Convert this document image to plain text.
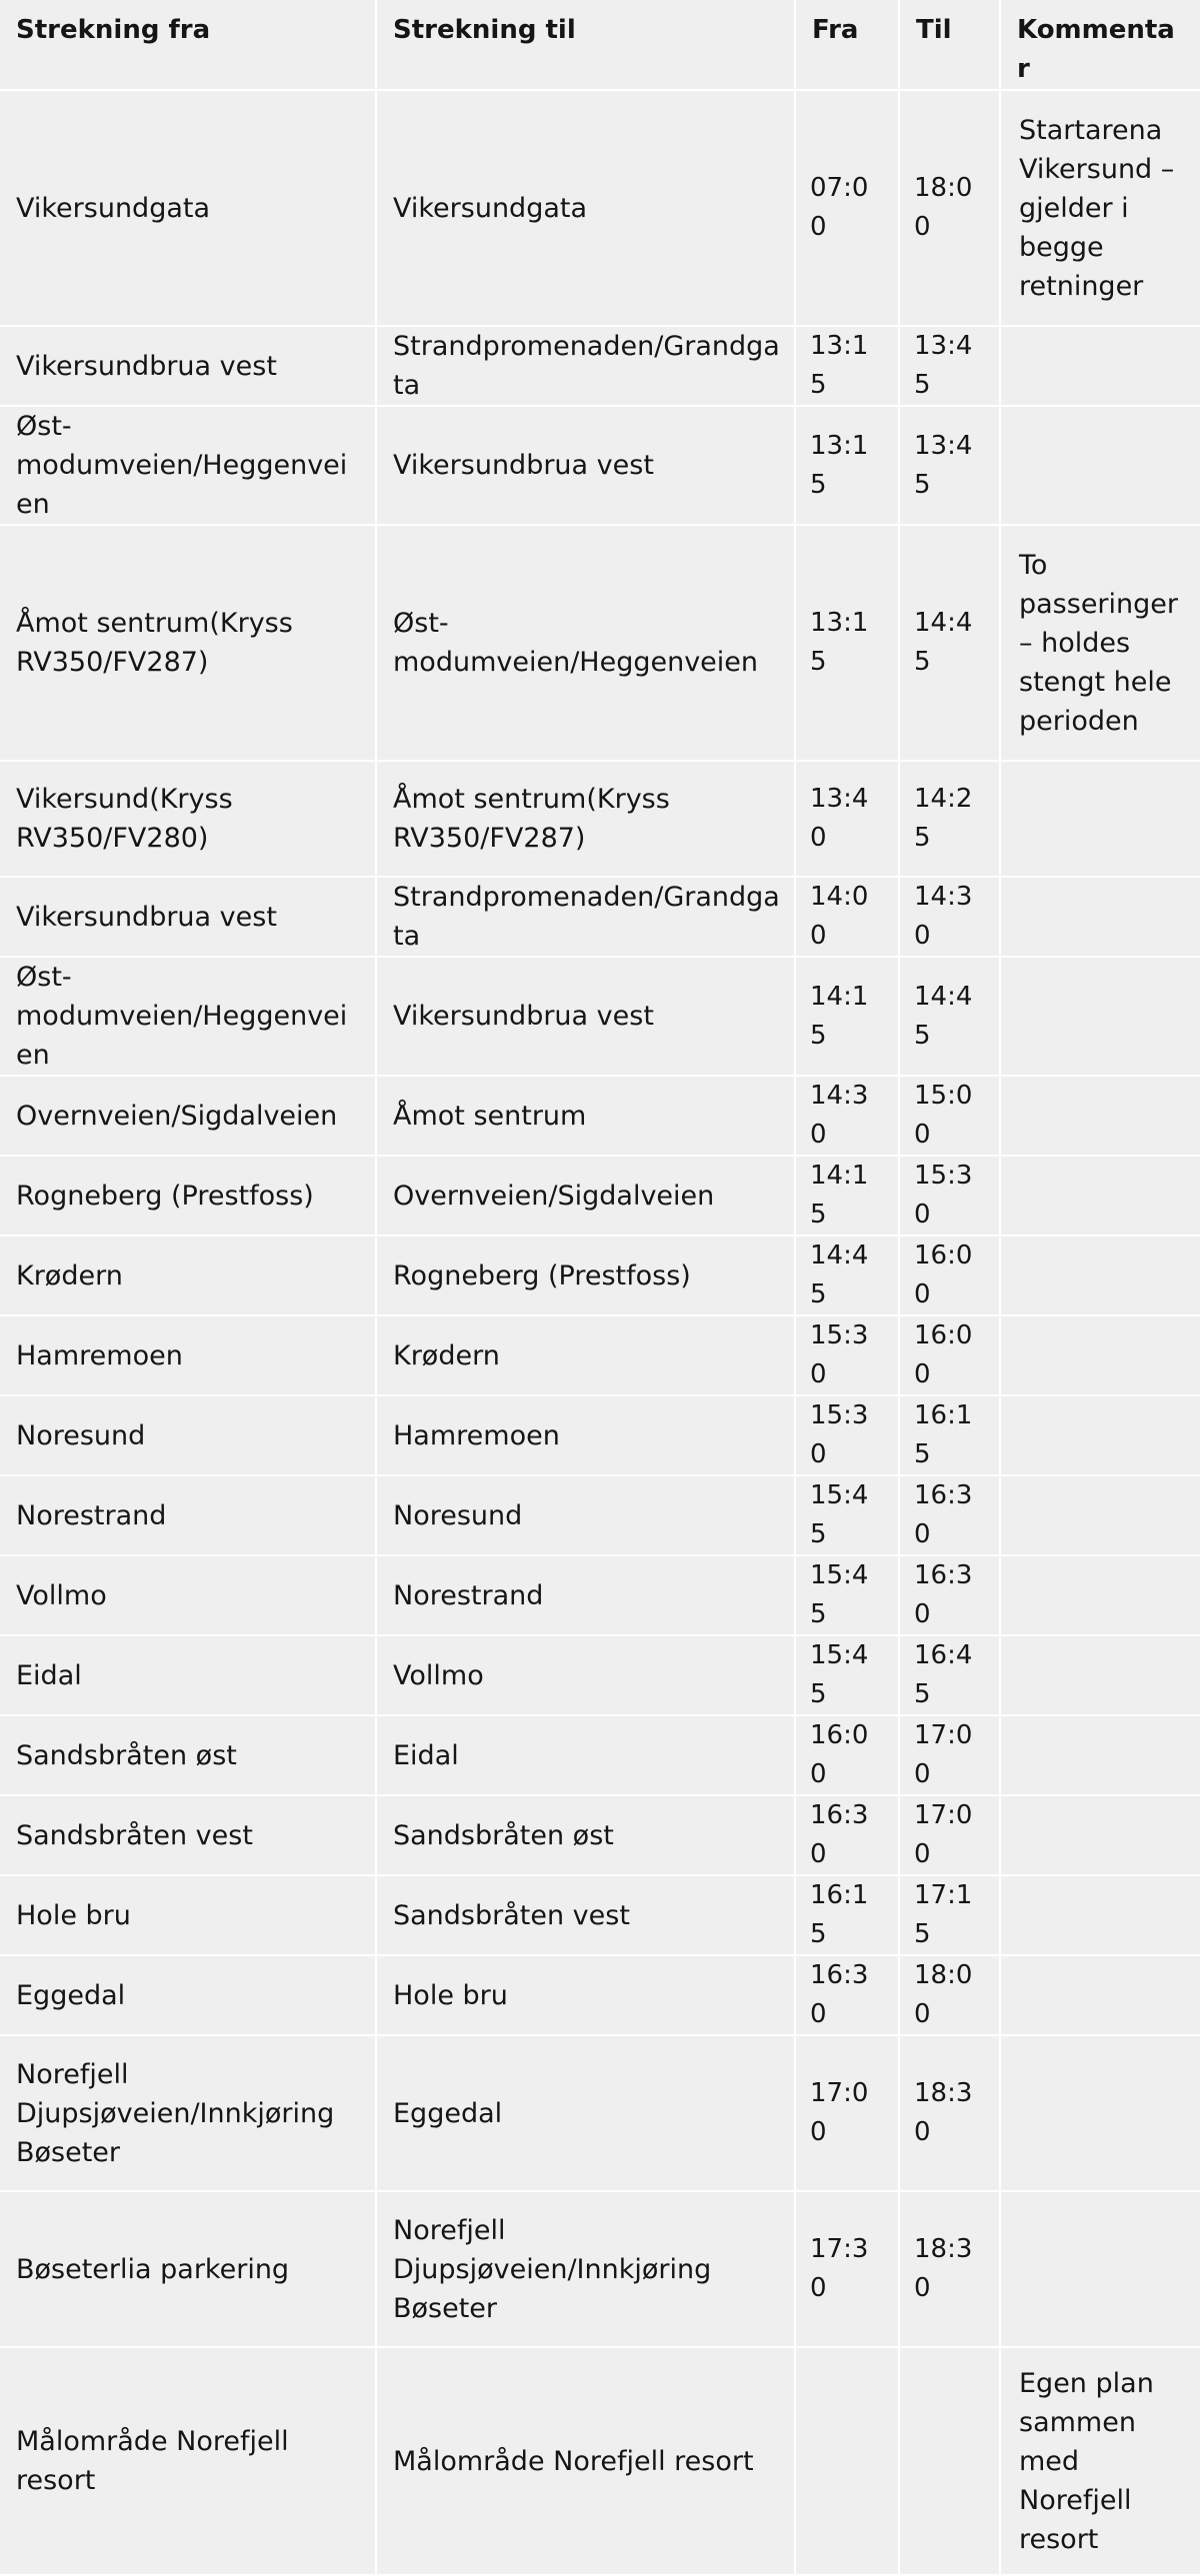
Strekning fra	Strekning til	Fra	Til	Kommentar
Vikersundgata	Vikersundgata	07:00	18:00	Startarena Vikersund – gjelder i begge retninger
Vikersundbrua vest	Strandpromenaden/Grandgata	13:15	13:45	
Øst-modumveien/Heggenveien	Vikersundbrua vest	13:15	13:45	
Åmot sentrum(Kryss RV350/FV287)	Øst-modumveien/Heggenveien	13:15	14:45	To passeringer – holdes stengt hele perioden
Vikersund(Kryss RV350/FV280)	Åmot sentrum(Kryss RV350/FV287)	13:40	14:25	
Vikersundbrua vest	Strandpromenaden/Grandgata	14:00	14:30	
Øst-modumveien/Heggenveien	Vikersundbrua vest	14:15	14:45	
Overnveien/Sigdalveien	Åmot sentrum	14:30	15:00	
Rogneberg (Prestfoss)	Overnveien/Sigdalveien	14:15	15:30	
Krødern	Rogneberg (Prestfoss)	14:45	16:00	
Hamremoen	Krødern	15:30	16:00	
Noresund	Hamremoen	15:30	16:15	
Norestrand	Noresund	15:45	16:30	
Vollmo	Norestrand	15:45	16:30	
Eidal	Vollmo	15:45	16:45	
Sandsbråten øst	Eidal	16:00	17:00	
Sandsbråten vest	Sandsbråten øst	16:30	17:00	
Hole bru	Sandsbråten vest	16:15	17:15	
Eggedal	Hole bru	16:30	18:00	
Norefjell Djupsjøveien/Innkjøring Bøseter	Eggedal	17:00	18:30	
Bøseterlia parkering	Norefjell Djupsjøveien/Innkjøring Bøseter	17:30	18:30	
Målområde Norefjell resort	Målområde Norefjell resort			Egen plan sammen med Norefjell resort
